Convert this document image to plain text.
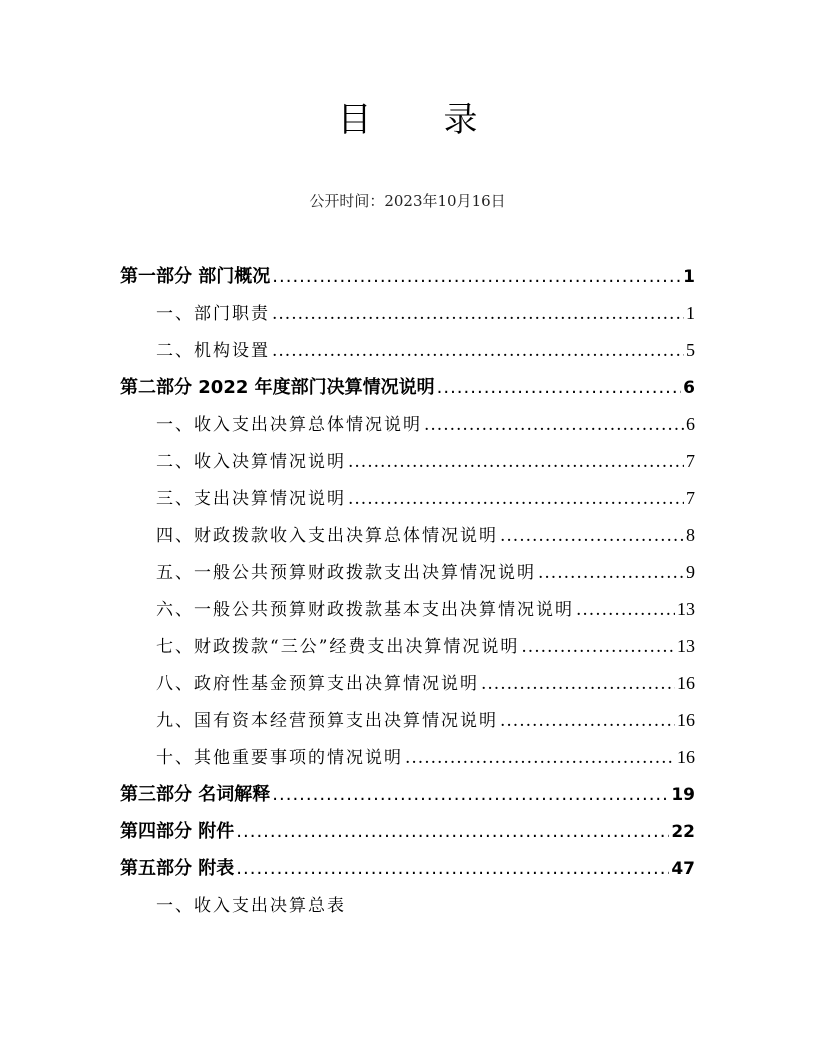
目 录
公开时间：2023年10月16日
第一部分 部门概况 .....	1
一、部门职责 .....	1
二、机构设置 .....	5
第二部分 2022 年度部门决算情况说明 .....	6
一、收入支出决算总体情况说明 .....	6
二、收入决算情况说明 .....	7
三、支出决算情况说明 .....	7
四、财政拨款收入支出决算总体情况说明 .....	8
五、一般公共预算财政拨款支出决算情况说明 .....	9
六、一般公共预算财政拨款基本支出决算情况说明 .....	13
七、财政拨款“三公”经费支出决算情况说明 .....	13
八、政府性基金预算支出决算情况说明 .....	16
九、国有资本经营预算支出决算情况说明 .....	16
十、其他重要事项的情况说明 .....	16
第三部分 名词解释 .....	19
第四部分 附件 .....	22
第五部分 附表 .....	47
一、收入支出决算总表
